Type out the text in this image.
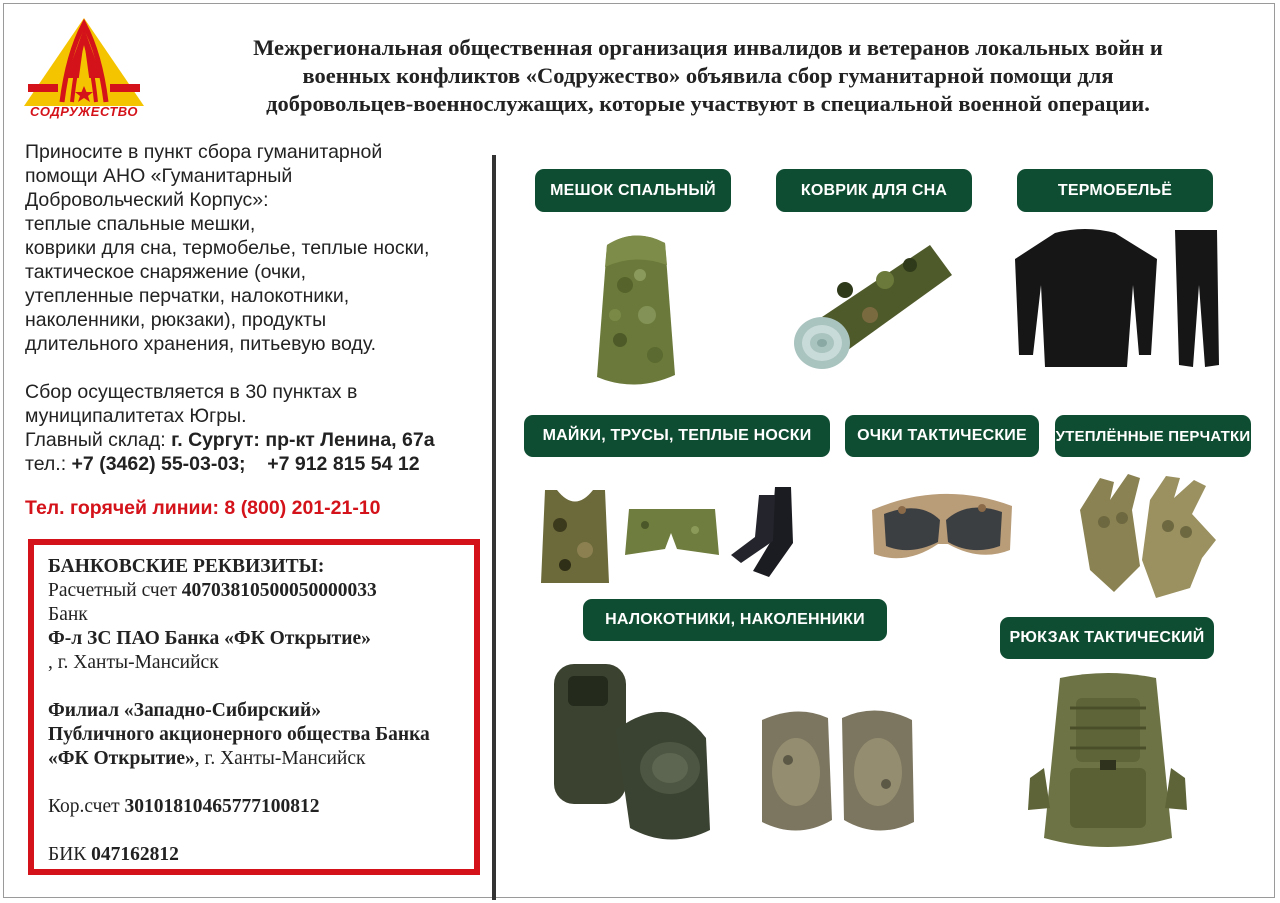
СОДРУЖЕСТВО
Межрегиональная общественная организация инвалидов и ветеранов локальных войн и
военных конфликтов «Содружество» объявила сбор гуманитарной помощи для
добровольцев-военнослужащих, которые участвуют в специальной военной операции.

Приносите в пункт сбора гуманитарной

помощи АНО «Гуманитарный

Добровольческий Корпус»:

теплые спальные мешки,

коврики для сна, термобелье, теплые носки,

тактическое снаряжение (очки,

утепленные перчатки, налокотники,

наколенники, рюкзаки), продукты

длительного хранения, питьевую воду.

Сбор осуществляется в 30 пунктах в

муниципалитетах Югры.

Главный склад: г. Сургут: пр-кт Ленина, 67а

тел.: +7 (3462) 55-03-03; +7 912 815 54 12

Тел. горячей линии: 8 (800) 201-21-10
БАНКОВСКИЕ РЕКВИЗИТЫ:
Расчетный счет 40703810500050000033
Банк
Ф-л ЗС ПАО Банка «ФК Открытие»
, г. Ханты-Мансийск
Филиал «Западно-Сибирский»
Публичного акционерного общества Банка
«ФК Открытие», г. Ханты-Мансийск
Кор.счет 30101810465777100812
БИК 047162812
МЕШОК СПАЛЬНЫЙ	КОВРИК ДЛЯ СНА	ТЕРМОБЕЛЬЁ
МАЙКИ, ТРУСЫ, ТЕПЛЫЕ НОСКИ	ОЧКИ ТАКТИЧЕСКИЕ	УТЕПЛЁННЫЕ ПЕРЧАТКИ
НАЛОКОТНИКИ, НАКОЛЕННИКИ
РЮКЗАК ТАКТИЧЕСКИЙ
